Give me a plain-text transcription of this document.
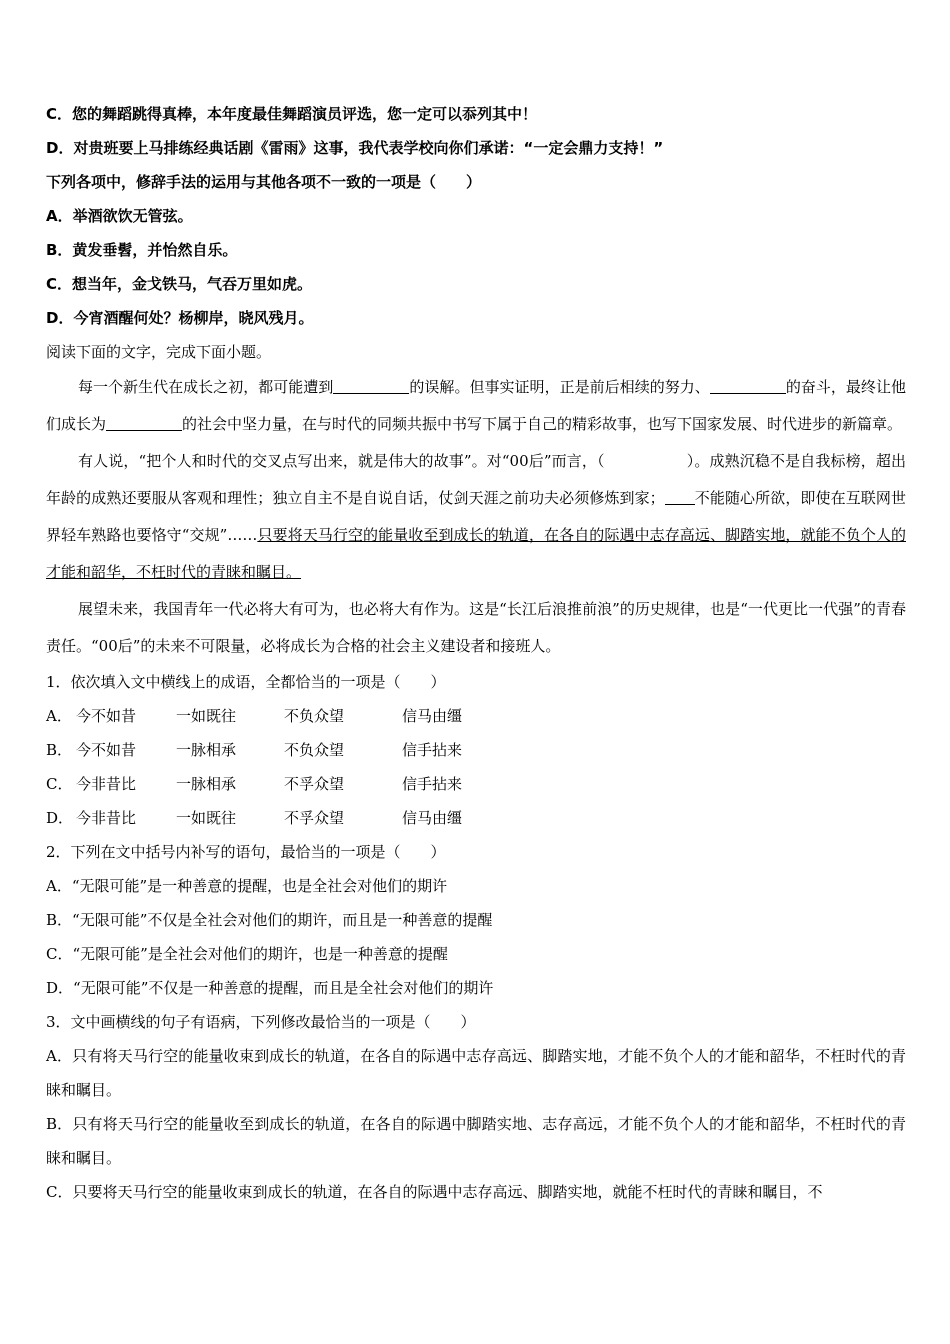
C．您的舞蹈跳得真棒，本年度最佳舞蹈演员评选，您一定可以忝列其中！
D．对贵班要上马排练经典话剧《雷雨》这事，我代表学校向你们承诺：“一定会鼎力支持！”
下列各项中，修辞手法的运用与其他各项不一致的一项是（　　）
A．举酒欲饮无管弦。
B．黄发垂髫，并怡然自乐。
C．想当年，金戈铁马，气吞万里如虎。
D．今宵酒醒何处？杨柳岸，晓风残月。
阅读下面的文字，完成下面小题。
每一个新生代在成长之初，都可能遭到	的误解。但事实证明，正是前后相续的努力、	的奋斗，最终让他们成长为	的社会中坚力量，在与时代的同频共振中书写下属于自己的精彩故事，也写下国家发展、时代进步的新篇章。
有人说，“把个人和时代的交叉点写出来，就是伟大的故事”。对“00后”而言，（	）。成熟沉稳不是自我标榜，超出年龄的成熟还要服从客观和理性；独立自主不是自说自话，仗剑天涯之前功夫必须修炼到家； 不能随心所欲，即使在互联网世界轻车熟路也要恪守“交规”……只要将天马行空的能量收至到成长的轨道，在各自的际遇中志存高远、脚踏实地，就能不负个人的才能和韶华，不枉时代的青睐和瞩目。
展望未来，我国青年一代必将大有可为，也必将大有作为。这是“长江后浪推前浪”的历史规律，也是“一代更比一代强”的青春责任。“00后”的未来不可限量，必将成长为合格的社会主义建设者和接班人。
1．依次填入文中横线上的成语，全都恰当的一项是（　　）
A． 今不如昔	一如既往	不负众望	信马由缰
B． 今不如昔	一脉相承	不负众望	信手拈来
C． 今非昔比	一脉相承	不孚众望	信手拈来
D． 今非昔比	一如既往	不孚众望	信马由缰
2．下列在文中括号内补写的语句，最恰当的一项是（　　）
A．“无限可能”是一种善意的提醒，也是全社会对他们的期许
B．“无限可能”不仅是全社会对他们的期许，而且是一种善意的提醒
C．“无限可能”是全社会对他们的期许，也是一种善意的提醒
D．“无限可能”不仅是一种善意的提醒，而且是全社会对他们的期许
3．文中画横线的句子有语病，下列修改最恰当的一项是（　　）
A．只有将天马行空的能量收束到成长的轨道，在各自的际遇中志存高远、脚踏实地，才能不负个人的才能和韶华，不枉时代的青睐和瞩目。
B．只有将天马行空的能量收至到成长的轨道，在各自的际遇中脚踏实地、志存高远，才能不负个人的才能和韶华，不枉时代的青睐和瞩目。
C．只要将天马行空的能量收束到成长的轨道，在各自的际遇中志存高远、脚踏实地，就能不枉时代的青睐和瞩目，不
